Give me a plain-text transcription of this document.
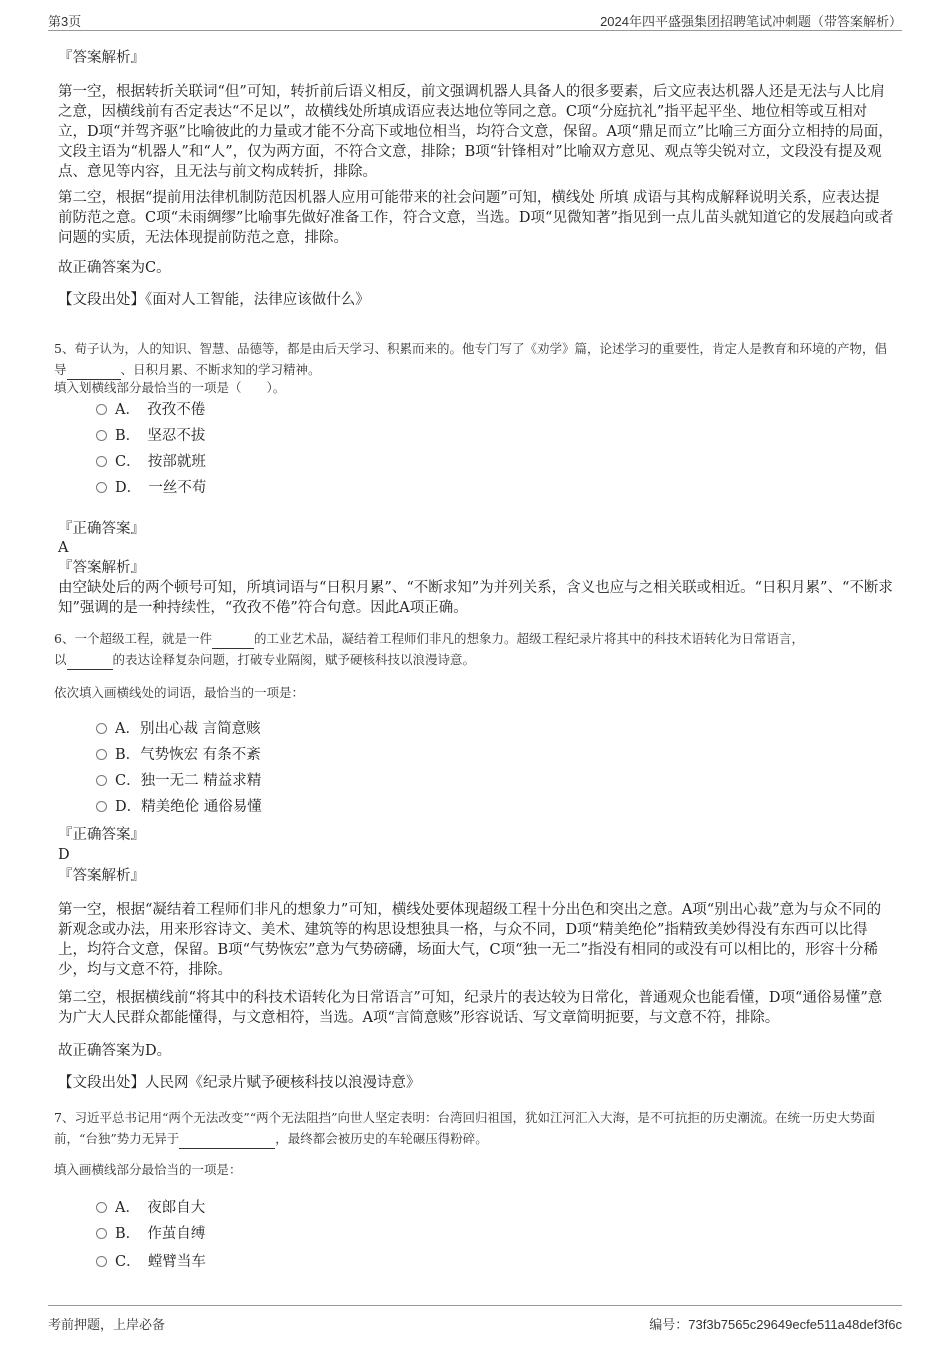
第3页	2024年四平盛强集团招聘笔试冲刺题（带答案解析）
『答案解析』
第一空，根据转折关联词“但”可知，转折前后语义相反，前文强调机器人具备人的很多要素，后文应表达机器人还是无法与人比肩之意，因横线前有否定表达“不足以”，故横线处所填成语应表达地位等同之意。C项“分庭抗礼”指平起平坐、地位相等或互相对立，D项“并驾齐驱”比喻彼此的力量或才能不分高下或地位相当，均符合文意，保留。A项“鼎足而立”比喻三方面分立相持的局面，文段主语为“机器人”和“人”，仅为两方面，不符合文意，排除；B项“针锋相对”比喻双方意见、观点等尖锐对立，文段没有提及观点、意见等内容，且无法与前文构成转折，排除。
第二空，根据“提前用法律机制防范因机器人应用可能带来的社会问题”可知，横线处 所填 成语与其构成解释说明关系，应表达提前防范之意。C项“未雨绸缪”比喻事先做好准备工作，符合文意，当选。D项“见微知著”指见到一点儿苗头就知道它的发展趋向或者问题的实质，无法体现提前防范之意，排除。
故正确答案为C。
【文段出处】《面对人工智能，法律应该做什么》
5、荀子认为，人的知识、智慧、品德等，都是由后天学习、积累而来的。他专门写了《劝学》篇，论述学习的重要性，肯定人是教育和环境的产物，倡导	、日积月累、不断求知的学习精神。
填入划横线部分最恰当的一项是（　　）。
A．　孜孜不倦
B．　坚忍不拔
C．　按部就班
D．　一丝不苟
『正确答案』
A
『答案解析』
由空缺处后的两个顿号可知，所填词语与“日积月累”、“不断求知”为并列关系，含义也应与之相关联或相近。“日积月累”、“不断求知”强调的是一种持续性，“孜孜不倦”符合句意。因此A项正确。
6、一个超级工程，就是一件	的工业艺术品，凝结着工程师们非凡的想象力。超级工程纪录片将其中的科技术语转化为日常语言，
以	的表达诠释复杂问题，打破专业隔阂，赋予硬核科技以浪漫诗意。
依次填入画横线处的词语，最恰当的一项是：
A．别出心裁 言简意赅
B．气势恢宏 有条不紊
C．独一无二 精益求精
D．精美绝伦 通俗易懂
『正确答案』
D
『答案解析』
第一空，根据“凝结着工程师们非凡的想象力”可知，横线处要体现超级工程十分出色和突出之意。A项“别出心裁”意为与众不同的新观念或办法，用来形容诗文、美术、建筑等的构思设想独具一格，与众不同，D项“精美绝伦”指精致美妙得没有东西可以比得上，均符合文意，保留。B项“气势恢宏”意为气势磅礴，场面大气，C项“独一无二”指没有相同的或没有可以相比的，形容十分稀少，均与文意不符，排除。
第二空，根据横线前“将其中的科技术语转化为日常语言”可知，纪录片的表达较为日常化，普通观众也能看懂，D项“通俗易懂”意为广大人民群众都能懂得，与文意相符，当选。A项“言简意赅”形容说话、写文章简明扼要，与文意不符，排除。
故正确答案为D。
【文段出处】人民网《纪录片赋予硬核科技以浪漫诗意》
7、习近平总书记用“两个无法改变”“两个无法阻挡”向世人坚定表明：台湾回归祖国，犹如江河汇入大海，是不可抗拒的历史潮流。在统一历史大势面前，“台独”势力无异于	，最终都会被历史的车轮碾压得粉碎。
填入画横线部分最恰当的一项是：
A．　夜郎自大
B．　作茧自缚
C．　螳臂当车
考前押题，上岸必备	编号：73f3b7565c29649ecfe511a48def3f6c
